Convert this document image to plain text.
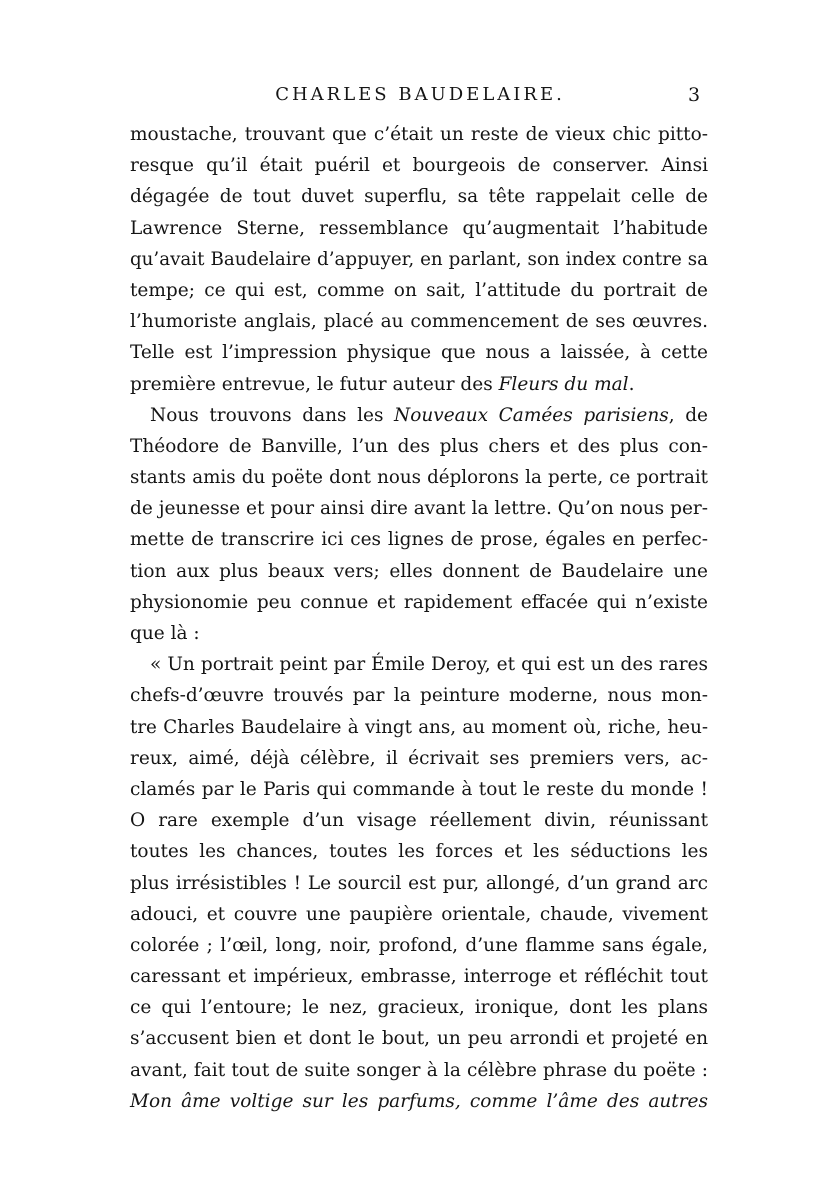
CHARLES BAUDELAIRE.	3
moustache, trouvant que c’était un reste de vieux chic pitto-
resque qu’il était puéril et bourgeois de conserver. Ainsi
dégagée de tout duvet superflu, sa tête rappelait celle de
Lawrence Sterne, ressemblance qu’augmentait l’habitude
qu’avait Baudelaire d’appuyer, en parlant, son index contre sa
tempe; ce qui est, comme on sait, l’attitude du portrait de
l’humoriste anglais, placé au commencement de ses œuvres.
Telle est l’impression physique que nous a laissée, à cette
première entrevue, le futur auteur des Fleurs du mal.
Nous trouvons dans les Nouveaux Camées parisiens, de
Théodore de Banville, l’un des plus chers et des plus con-
stants amis du poëte dont nous déplorons la perte, ce portrait
de jeunesse et pour ainsi dire avant la lettre. Qu’on nous per-
mette de transcrire ici ces lignes de prose, égales en perfec-
tion aux plus beaux vers; elles donnent de Baudelaire une
physionomie peu connue et rapidement effacée qui n’existe
que là :
« Un portrait peint par Émile Deroy, et qui est un des rares
chefs-d’œuvre trouvés par la peinture moderne, nous mon-
tre Charles Baudelaire à vingt ans, au moment où, riche, heu-
reux, aimé, déjà célèbre, il écrivait ses premiers vers, ac-
clamés par le Paris qui commande à tout le reste du monde !
O rare exemple d’un visage réellement divin, réunissant
toutes les chances, toutes les forces et les séductions les
plus irrésistibles ! Le sourcil est pur, allongé, d’un grand arc
adouci, et couvre une paupière orientale, chaude, vivement
colorée ; l’œil, long, noir, profond, d’une flamme sans égale,
caressant et impérieux, embrasse, interroge et réfléchit tout
ce qui l’entoure; le nez, gracieux, ironique, dont les plans
s’accusent bien et dont le bout, un peu arrondi et projeté en
avant, fait tout de suite songer à la célèbre phrase du poëte :
Mon âme voltige sur les parfums, comme l’âme des autres
